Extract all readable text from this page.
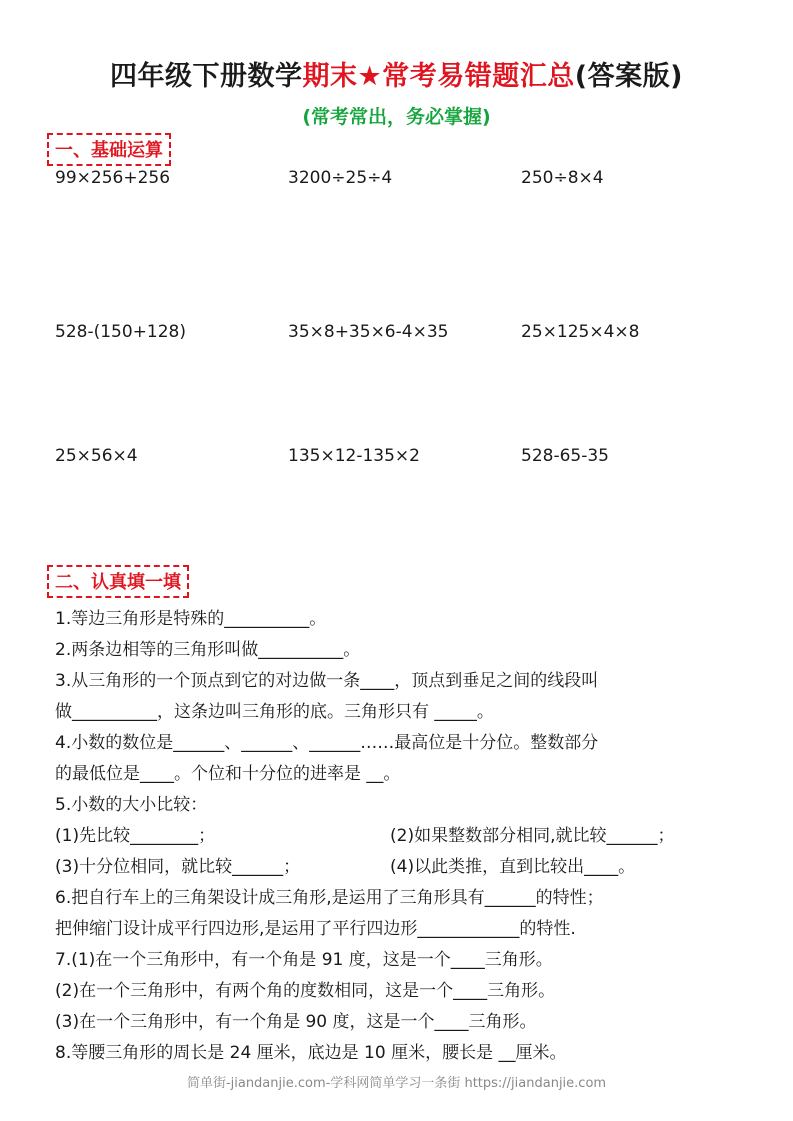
四年级下册数学期末★常考易错题汇总(答案版)
(常考常出，务必掌握)
一、基础运算
99×256+256	3200÷25÷4	250÷8×4
528-(150+128)	35×8+35×6-4×35	25×125×4×8
25×56×4	135×12-135×2	528-65-35
二、认真填一填
1.等边三角形是特殊的__________。
2.两条边相等的三角形叫做__________。
3.从三角形的一个顶点到它的对边做一条____，顶点到垂足之间的线段叫
做__________，这条边叫三角形的底。三角形只有 _____。
4.小数的数位是______、______、______……最高位是十分位。整数部分
的最低位是____。个位和十分位的进率是 __。
5.小数的大小比较：
(1)先比较________；	(2)如果整数部分相同,就比较______；
(3)十分位相同，就比较______；	(4)以此类推，直到比较出____。
6.把自行车上的三角架设计成三角形,是运用了三角形具有______的特性；
把伸缩门设计成平行四边形,是运用了平行四边形____________的特性.
7.(1)在一个三角形中，有一个角是 91 度，这是一个____三角形。
(2)在一个三角形中，有两个角的度数相同，这是一个____三角形。
(3)在一个三角形中，有一个角是 90 度，这是一个____三角形。
8.等腰三角形的周长是 24 厘米，底边是 10 厘米，腰长是 __厘米。
简单街-jiandanjie.com-学科网简单学习一条街 https://jiandanjie.com
